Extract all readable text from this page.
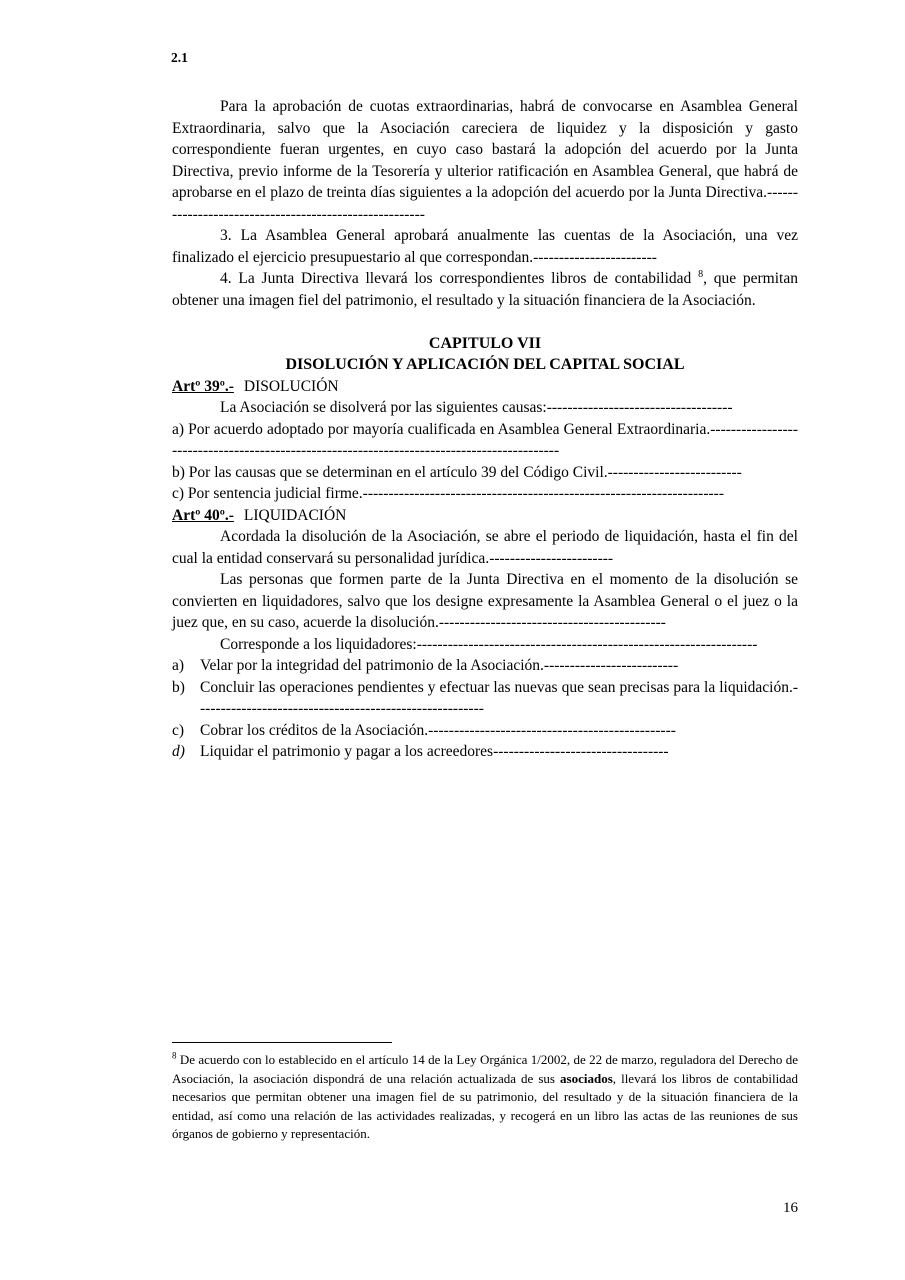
2.1

Para la aprobación de cuotas extraordinarias, habrá de convocarse en Asamblea General Extraordinaria, salvo que la Asociación careciera de liquidez y la disposición y gasto correspondiente fueran urgentes, en cuyo caso bastará la adopción del acuerdo por la Junta Directiva, previo informe de la Tesorería y ulterior ratificación en Asamblea General, que habrá de aprobarse en el plazo de treinta días siguientes a la adopción del acuerdo por la Junta Directiva.-------------------------------------------------------

3. La Asamblea General aprobará anualmente las cuentas de la Asociación, una vez finalizado el ejercicio presupuestario al que correspondan.------------------------

4. La Junta Directiva llevará los correspondientes libros de contabilidad $^8$, que permitan obtener una imagen fiel del patrimonio, el resultado y la situación financiera de la Asociación.

CAPITULO VII
DISOLUCIÓN Y APLICACIÓN DEL CAPITAL SOCIAL

Artº 39º.- DISOLUCIÓN

La Asociación se disolverá por las siguientes causas:------------------------------------

a) Por acuerdo adoptado por mayoría cualificada en Asamblea General Extraordinaria.--------------------------------------------------------------------------------------------

b) Por las causas que se determinan en el artículo 39 del Código Civil.--------------------------

c) Por sentencia judicial firme.----------------------------------------------------------------------

Artº 40º.- LIQUIDACIÓN

Acordada la disolución de la Asociación, se abre el periodo de liquidación, hasta el fin del cual la entidad conservará su personalidad jurídica.------------------------

Las personas que formen parte de la Junta Directiva en el momento de la disolución se convierten en liquidadores, salvo que los designe expresamente la Asamblea General o el juez o la juez que, en su caso, acuerde la disolución.--------------------------------------------

Corresponde a los liquidadores:------------------------------------------------------------------

a) Velar por la integridad del patrimonio de la Asociación.--------------------------

b) Concluir las operaciones pendientes y efectuar las nuevas que sean precisas para la liquidación.--------------------------------------------------------

c) Cobrar los créditos de la Asociación.------------------------------------------------

d) Liquidar el patrimonio y pagar a los acreedores----------------------------------

$^8$ De acuerdo con lo establecido en el artículo 14 de la Ley Orgánica 1/2002, de 22 de marzo, reguladora del Derecho de Asociación, la asociación dispondrá de una relación actualizada de sus asociados, llevará los libros de contabilidad necesarios que permitan obtener una imagen fiel de su patrimonio, del resultado y de la situación financiera de la entidad, así como una relación de las actividades realizadas, y recogerá en un libro las actas de las reuniones de sus órganos de gobierno y representación.

16
